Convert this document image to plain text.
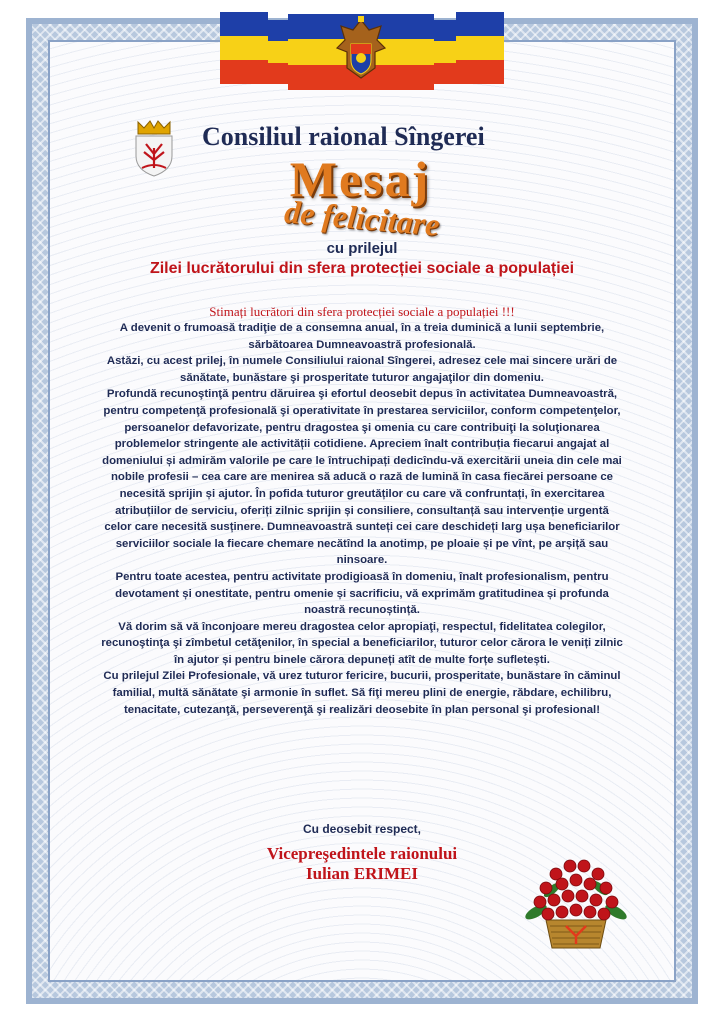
Consiliul raional Sîngerei
Mesaj
de felicitare
cu prilejul
Zilei lucrătorului din sfera protecției sociale a populației
Stimați lucrători din sfera protecției sociale a populației !!!

A devenit o frumoasă tradiţie de a consemna anual, în a treia duminică a lunii septembrie, sărbătoarea Dumneavoastră profesională.

Astăzi, cu acest prilej, în numele Consiliului raional Sîngerei, adresez cele mai sincere urări de sănătate, bunăstare şi prosperitate tuturor angajaţilor din domeniu.

Profundă recunoştinţă pentru dăruirea şi efortul deosebit depus în activitatea Dumneavoastră, pentru competenţă profesională şi operativitate în prestarea serviciilor, conform competenţelor, persoanelor defavorizate, pentru dragostea şi omenia cu care contribuiţi la soluţionarea problemelor stringente ale activității cotidiene. Apreciem înalt contribuția fiecarui angajat al domeniului și admirăm valorile pe care le întruchipați dedicîndu-vă exercitării uneia din cele mai nobile profesii – cea care are menirea să aducă o rază de lumină în casa fiecărei persoane ce necesită sprijin și ajutor. În pofida tuturor greutăților cu care vă confruntați, în exercitarea atribuțiilor de serviciu, oferiți zilnic sprijin și consiliere, consultanță sau intervenție urgentă celor care necesită susținere. Dumneavoastră sunteți cei care deschideți larg ușa beneficiarilor serviciilor sociale la fiecare chemare necătînd la anotimp, pe ploaie și pe vînt, pe arșiță sau ninsoare.

Pentru toate acestea, pentru activitate prodigioasă în domeniu, înalt profesionalism, pentru devotament și onestitate, pentru omenie și sacrificiu, vă exprimăm gratitudinea și profunda noastră recunoștință.

Vă dorim să vă înconjoare mereu dragostea celor apropiaţi, respectul, fidelitatea colegilor, recunoştinţa şi zîmbetul cetăţenilor, în special a beneficiarilor, tuturor celor cărora le veniți zilnic în ajutor și pentru binele cărora depuneți atît de multe forțe sufletești.

Cu prilejul Zilei Profesionale, vă urez tuturor fericire, bucurii, prosperitate, bunăstare în căminul familial, multă sănătate şi armonie în suflet. Să fiţi mereu plini de energie, răbdare, echilibru, tenacitate, cutezanţă, perseverenţă şi realizări deosebite în plan personal şi profesional!

Cu deosebit respect,
Vicepreşedintele raionului
Iulian ERIMEI
